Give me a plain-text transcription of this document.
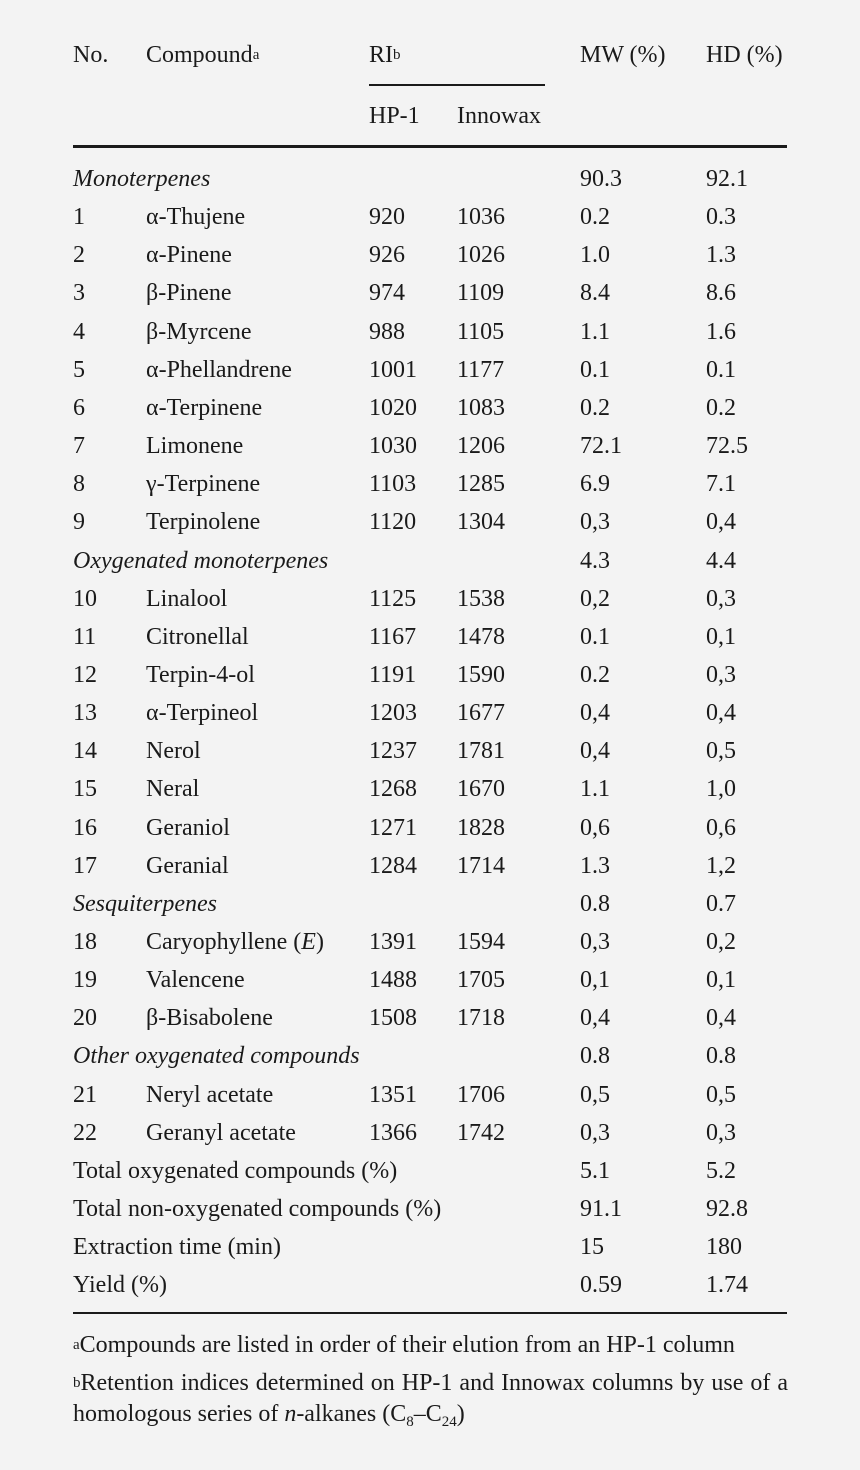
No. Compound$^a$	$RI^b$	MW (%) HD (%)
HP-1 Innowax
Monoterpenes	90.3	92.1
1	α-Thujene	920 1036	0.2	0.3
2	α-Pinene	926 1026	1.0	1.3
3	β-Pinene	974 1109	8.4	8.6
4	β-Myrcene	988 1105	1.1	1.6
5	α-Phellandrene	1001 1177	0.1	0.1
6	α-Terpinene	1020 1083	0.2	0.2
7	Limonene	1030 1206	72.1	72.5
8	γ-Terpinene	1103 1285	6.9	7.1
9	Terpinolene	1120 1304	0,3	0,4
Oxygenated monoterpenes	4.3	4.4
10 Linalool	1125 1538	0,2	0,3
11 Citronellal	1167 1478	0.1	0,1
12 Terpin-4-ol	1191 1590	0.2	0,3
13 α-Terpineol	1203 1677	0,4	0,4
14 Nerol	1237 1781	0,4	0,5
15 Neral	1268 1670	1.1	1,0
16 Geraniol	1271 1828	0,6	0,6
17 Geranial	1284 1714	1.3	1,2
Sesquiterpenes	0.8	0.7
18 Caryophyllene (E) 1391 1594	0,3	0,2
19 Valencene	1488 1705	0,1	0,1
20 β-Bisabolene	1508 1718	0,4	0,4
Other oxygenated compounds	0.8	0.8
21 Neryl acetate	1351 1706	0,5	0,5
22 Geranyl acetate	1366 1742	0,3	0,3
Total oxygenated compounds (%)	5.1	5.2
Total non-oxygenated compounds (%)	91.1	92.8
Extraction time (min)	15	180
Yield (%)	0.59	1.74
$^a$Compounds are listed in order of their elution from an HP-1 column
$^b$Retention indices determined on HP-1 and Innowax columns by use of a homologous series of n-alkanes $(C_8-C_{24})$
